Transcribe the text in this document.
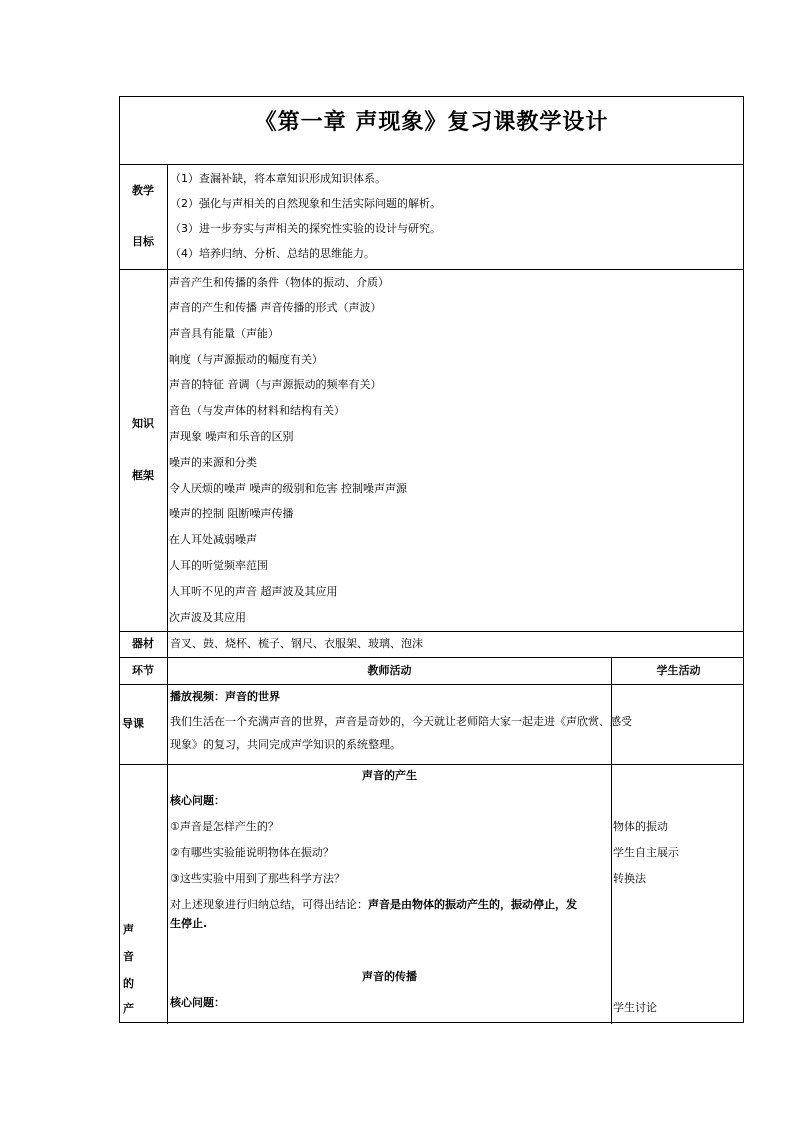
《第一章 声现象》复习课教学设计
教学
目标
（1）查漏补缺，将本章知识形成知识体系。
（2）强化与声相关的自然现象和生活实际问题的解析。
（3）进一步夯实与声相关的探究性实验的设计与研究。
（4）培养归纳、分析、总结的思维能力。
知识
框架
声音产生和传播的条件（物体的振动、介质）
声音的产生和传播 声音传播的形式（声波）
声音具有能量（声能）
响度（与声源振动的幅度有关）
声音的特征 音调（与声源振动的频率有关）
音色（与发声体的材料和结构有关）
声现象 噪声和乐音的区别
噪声的来源和分类
令人厌烦的噪声 噪声的级别和危害 控制噪声声源
噪声的控制 阻断噪声传播
在人耳处减弱噪声
人耳的听觉频率范围
人耳听不见的声音 超声波及其应用
次声波及其应用
器材 音叉、鼓、烧杯、梳子、钢尺、衣服架、玻璃、泡沫
环节	教师活动	学生活动
导课
播放视频：声音的世界
我们生活在一个充满声音的世界，声音是奇妙的，今天就让老师陪大家一起走进《声欣赏、感受
现象》的复习，共同完成声学知识的系统整理。
声
音
的
产
声音的产生
核心问题：
①声音是怎样产生的？
②有哪些实验能说明物体在振动？
③这些实验中用到了那些科学方法？
对上述现象进行归纳总结，可得出结论：声音是由物体的振动产生的，振动停止，发
生停止.
声音的传播
核心问题：
物体的振动
学生自主展示
转换法
学生讨论
